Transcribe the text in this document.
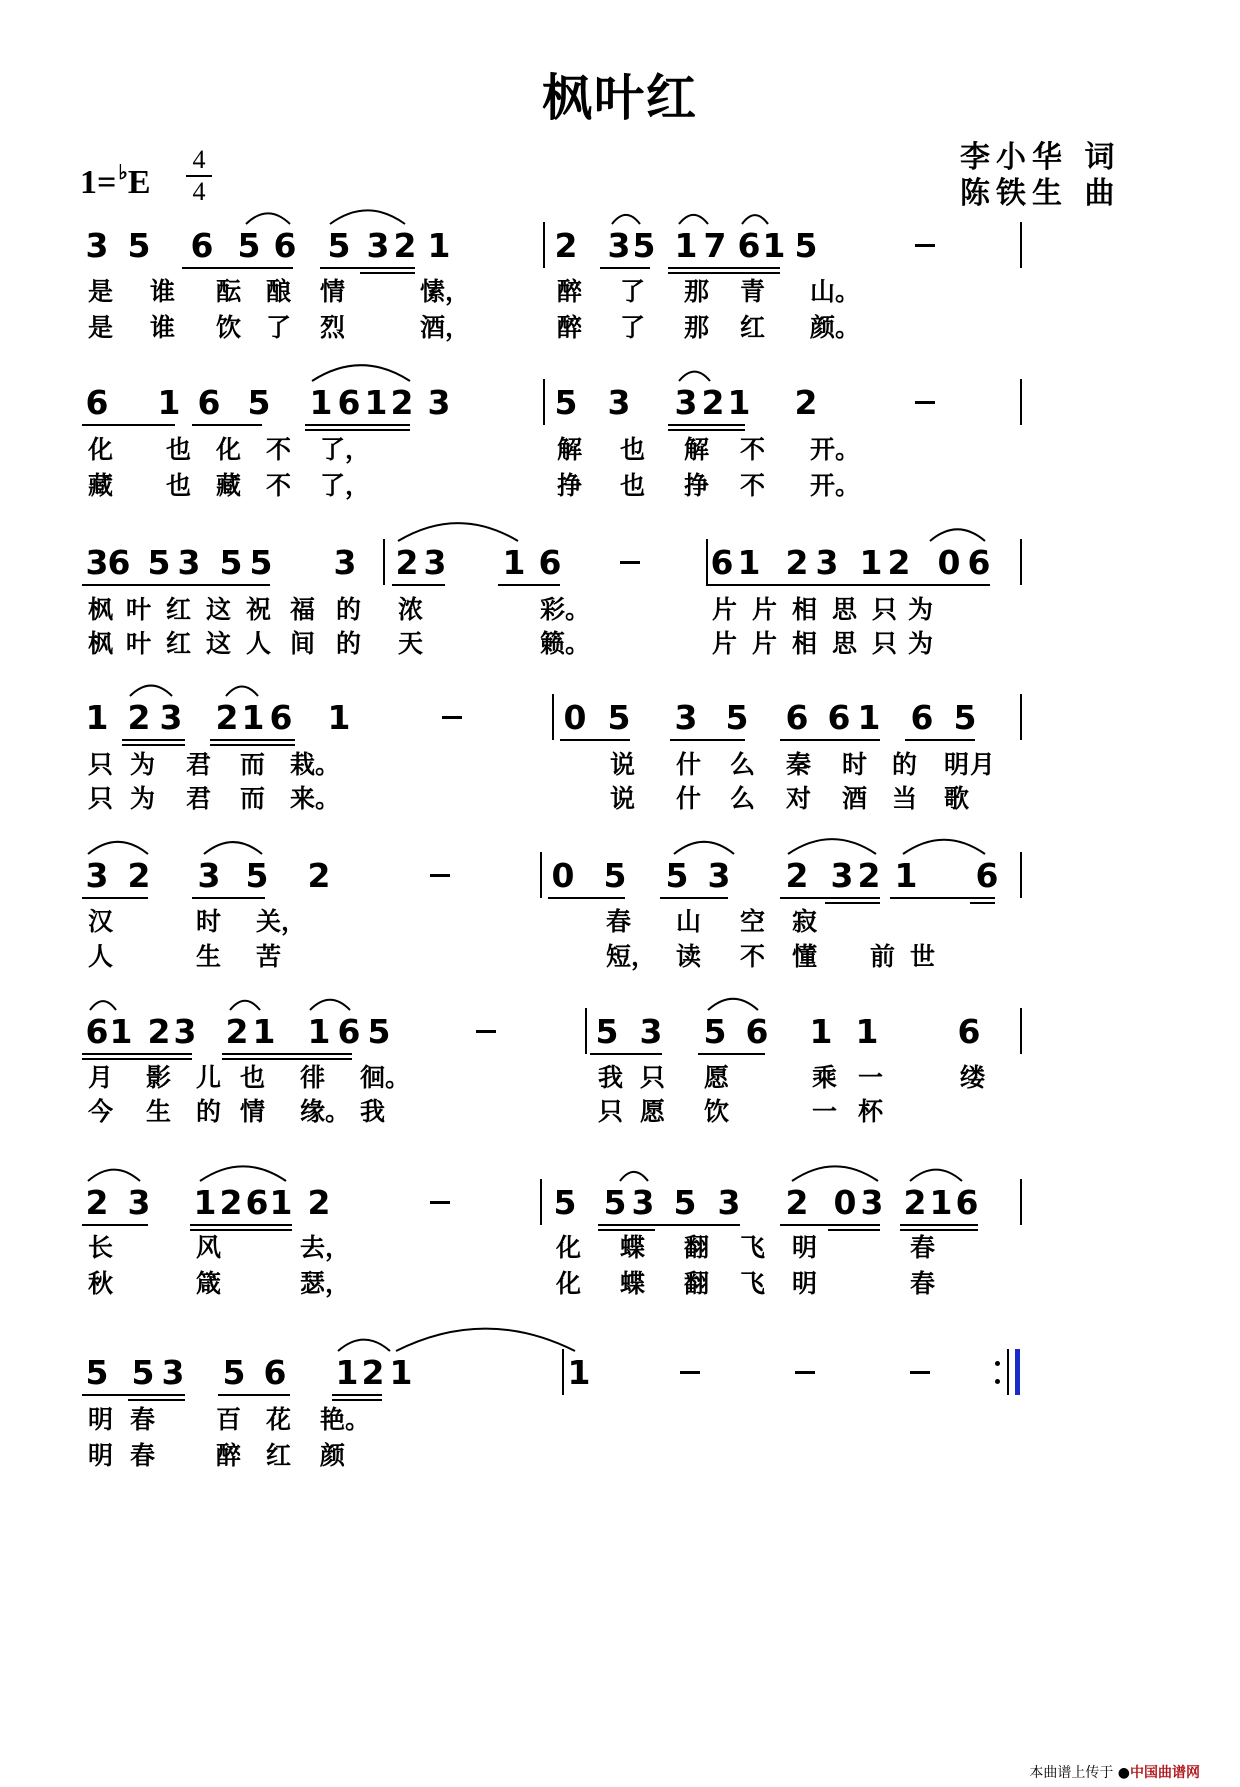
枫叶红
1= ♭E
4
4
李小华 词
陈铁生 曲
3 5 6 5 6 5 3 2 1	2 3 5 1 7 6 1 5
是 谁 酝 酿 情	愫，	醉 了 那 青 山。
是 谁 饮 了 烈	酒，	醉 了 那 红 颜。
6 1 6 5 1 6 1 2 3	5 3 3 2 1 2
化 也 化 不 了，	解 也 解 不 开。
藏 也 藏 不 了，	挣 也 挣 不 开。
3 6 5 3 5 5 3 2 3 1 6	6 1 2 3 1 2 0 6
枫 叶 红 这 祝 福 的 浓	彩。	片 片 相 思 只 为
枫 叶 红 这 人 间 的 天	籁。	片 片 相 思 只 为
1 2 3 2 1 6 1	0 5 3 5 6 6 1 6 5
只 为 君 而 栽。	说 什 么 秦 时 的 明 月
只 为 君 而 来。	说 什 么 对 酒 当 歌
3 2 3 5 2	0 5 5 3 2 3 2 1 6
汉	时 关，	春 山 空 寂
人	生 苦	短， 读 不 懂 前 世
6 1 2 3 2 1 1 6 5	5 3 5 6 1 1 6
月 影 儿 也 徘 徊。	我 只 愿	乘 一	缕
今 生 的 情 缘。 我	只 愿 饮	一 杯
2 3 1 2 6 1 2	5 5 3 5 3 2 0 3 2 1 6
长	风	去，	化 蝶 翻 飞 明	春
秋	箴	瑟，	化 蝶 翻 飞 明	春
5 5 3 5 6 1 2 1	1
明 春 百 花 艳。
明 春 醉 红 颜
本曲谱上传于 ●中国曲谱网
